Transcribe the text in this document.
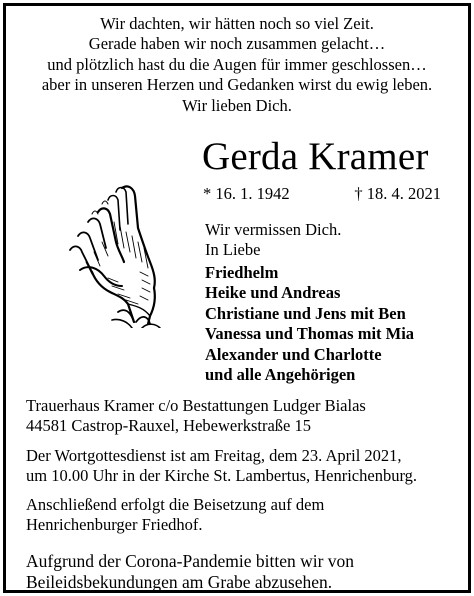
Wir dachten, wir hätten noch so viel Zeit.
Gerade haben wir noch zusammen gelacht…
und plötzlich hast du die Augen für immer geschlossen…
aber in unseren Herzen und Gedanken wirst du ewig leben.
Wir lieben Dich.
Gerda Kramer
* 16. 1. 1942	† 18. 4. 2021
Wir vermissen Dich.
In Liebe
Friedhelm
Heike und Andreas
Christiane und Jens mit Ben
Vanessa und Thomas mit Mia
Alexander und Charlotte
und alle Angehörigen
Trauerhaus Kramer c/o Bestattungen Ludger Bialas
44581 Castrop-Rauxel, Hebewerkstraße 15
Der Wortgottesdienst ist am Freitag, dem 23. April 2021,
um 10.00 Uhr in der Kirche St. Lambertus, Henrichenburg.
Anschließend erfolgt die Beisetzung auf dem
Henrichenburger Friedhof.
Aufgrund der Corona-Pandemie bitten wir von
Beileidsbekundungen am Grabe abzusehen.
